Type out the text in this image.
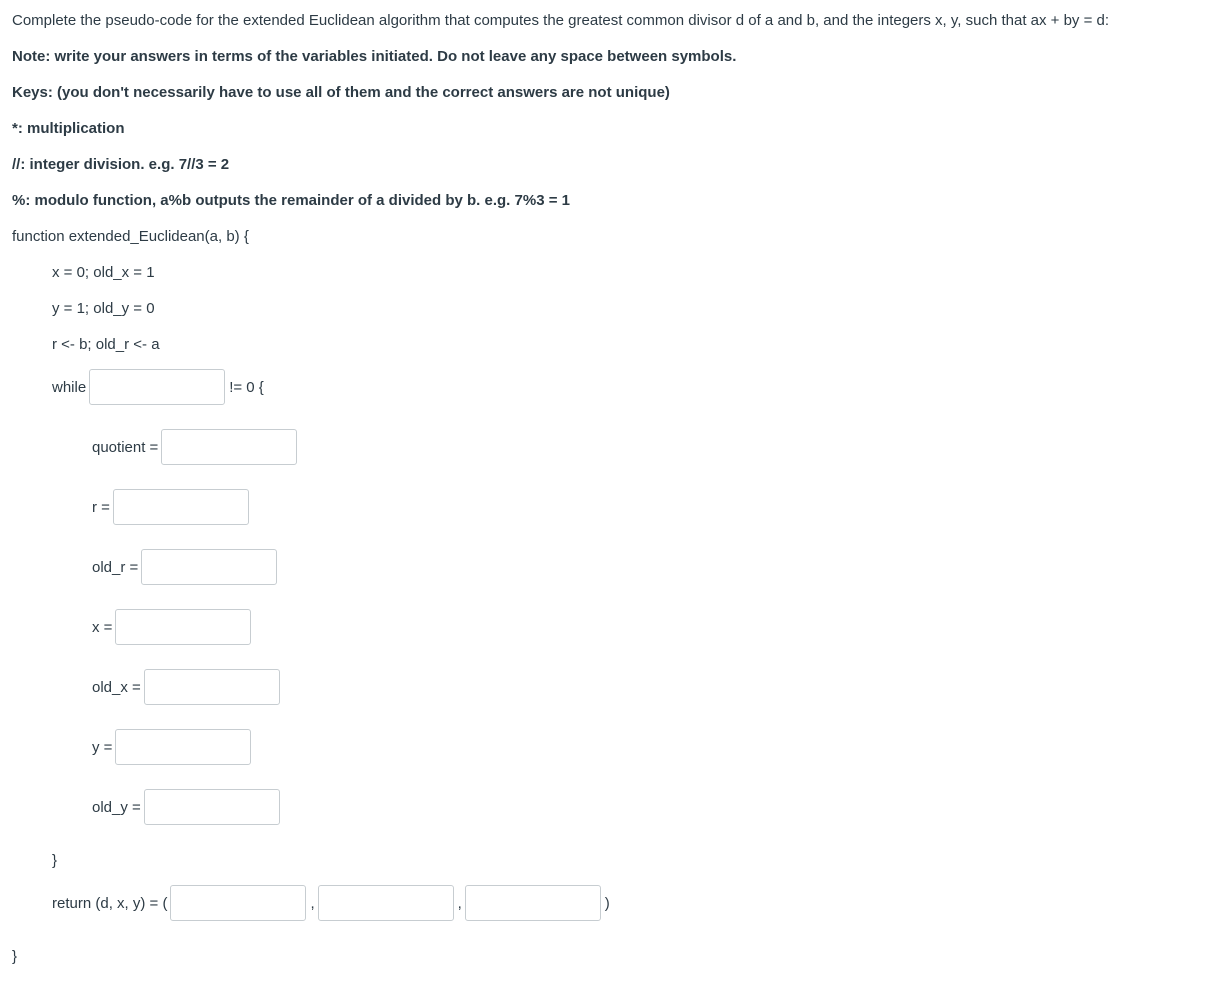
Complete the pseudo-code for the extended Euclidean algorithm that computes the greatest common divisor d of a and b, and the integers x, y, such that ax + by = d:
Note: write your answers in terms of the variables initiated. Do not leave any space between symbols.
Keys: (you don't necessarily have to use all of them and the correct answers are not unique)
*: multiplication
//: integer division. e.g. 7//3 = 2
%: modulo function, a%b outputs the remainder of a divided by b. e.g. 7%3 = 1
function extended_Euclidean(a, b) {
x = 0; old_x = 1
y = 1; old_y = 0
r <- b; old_r <- a
while	!= 0 {
quotient =
r =
old_r =
x =
old_x =
y =
old_y =
}
return (d, x, y) = (	,	,	)
}
